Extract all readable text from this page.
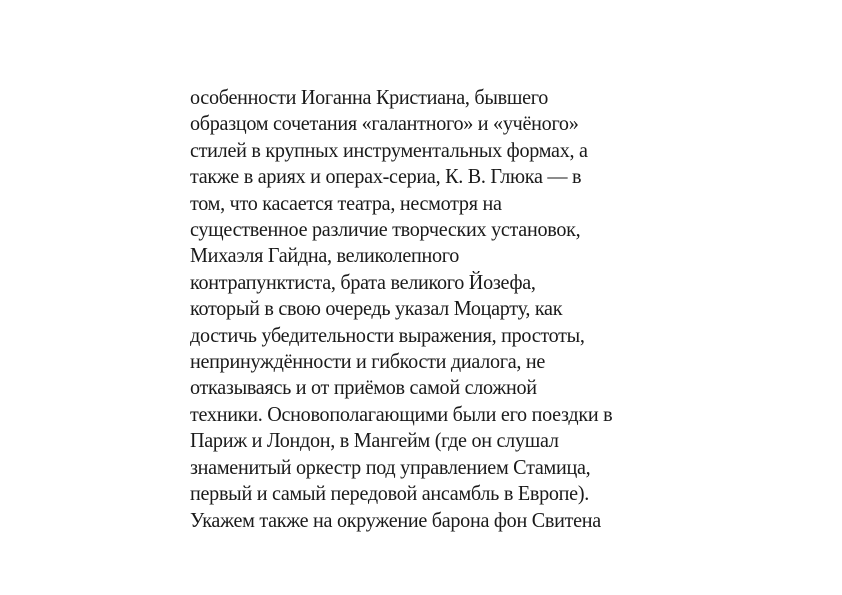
особенности Иоганна Кристиана, бывшего
образцом сочетания «галантного» и «учёного»
стилей в крупных инструментальных формах, а
также в ариях и операх-сериа, К. В. Глюка — в
том, что касается театра, несмотря на
существенное различие творческих установок,
Михаэля Гайдна, великолепного
контрапунктиста, брата великого Йозефа,
который в свою очередь указал Моцарту, как
достичь убедительности выражения, простоты,
непринуждённости и гибкости диалога, не
отказываясь и от приёмов самой сложной
техники. Основополагающими были его поездки в
Париж и Лондон, в Мангейм (где он слушал
знаменитый оркестр под управлением Стамица,
первый и самый передовой ансамбль в Европе).
Укажем также на окружение барона фон Свитена
